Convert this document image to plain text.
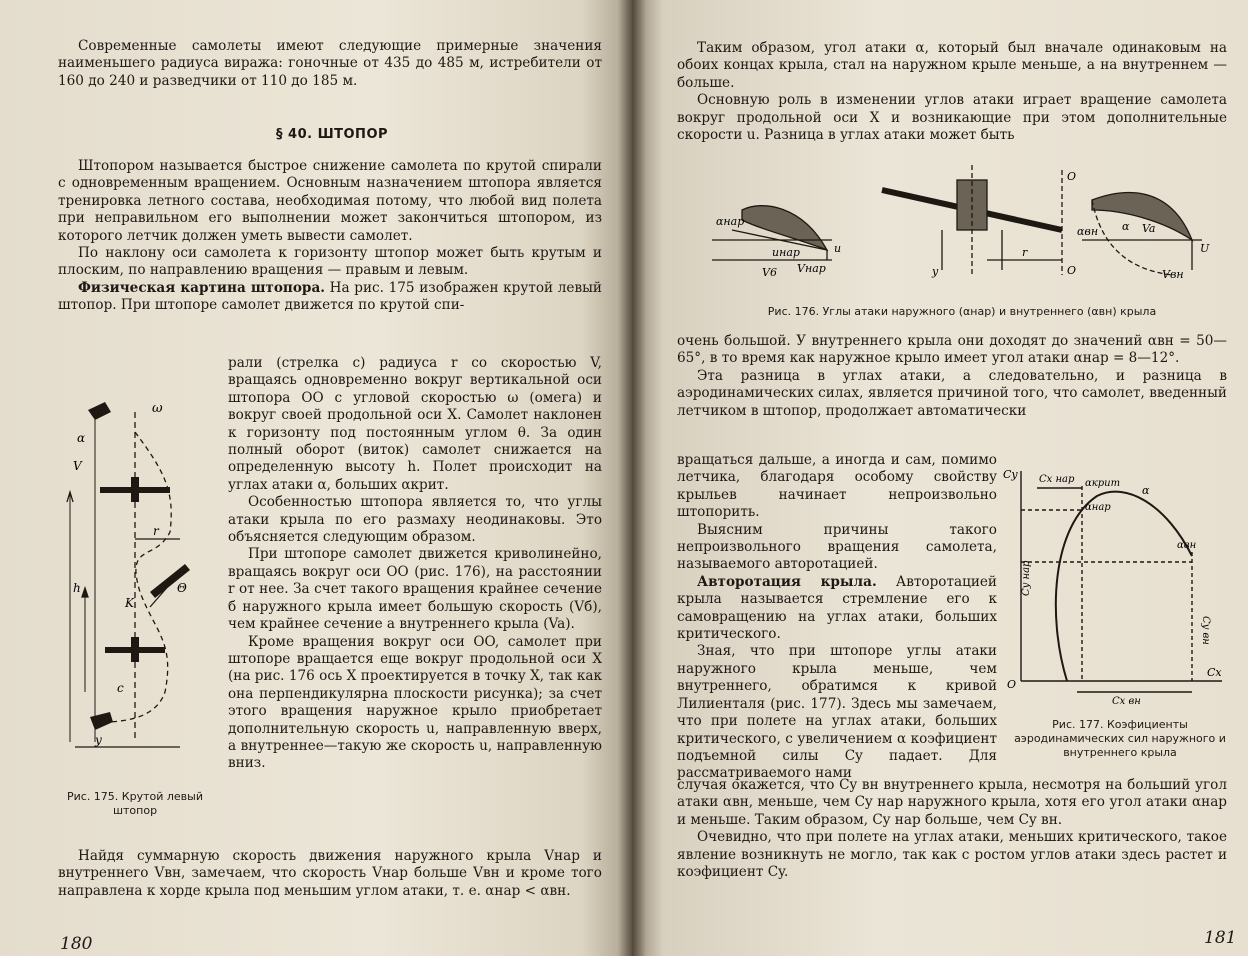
Современные самолеты имеют следующие примерные значения наименьшего радиуса виража: гоночные от 435 до 485 м, истребители от 160 до 240 и разведчики от 110 до 185 м.

§ 40. ШТОПОР

Штопором называется быстрое снижение самолета по крутой спирали с одновременным вращением. Основным назначением штопора является тренировка летного состава, необходимая потому, что любой вид полета при неправильном его выполнении может закончиться штопором, из которого летчик должен уметь вывести самолет.

По наклону оси самолета к горизонту штопор может быть крутым и плоским, по направлению вращения — правым и левым.

Физическая картина штопора. На рис. 175 изображен крутой левый штопор. При штопоре самолет движется по крутой спи-

рали (стрелка c) радиуса r со скоростью V, вращаясь одновременно вокруг вертикальной оси штопора OO с угловой скоростью ω (омега) и вокруг своей продольной оси X. Самолет наклонен к горизонту под постоянным углом θ. За один полный оборот (виток) самолет снижается на определенную высоту h. Полет происходит на углах атаки α, больших αкрит.

Особенностью штопора является то, что углы атаки крыла по его размаху неодинаковы. Это объясняется следующим образом.

При штопоре самолет движется криволинейно, вращаясь вокруг оси OO (рис. 176), на расстоянии r от нее. За счет такого вращения крайнее сечение б наружного крыла имеет большую скорость (Vб), чем крайнее сечение а внутреннего крыла (Va).

Кроме вращения вокруг оси OO, самолет при штопоре вращается еще вокруг продольной оси X (на рис. 176 ось X проектируется в точку X, так как она перпендикулярна плоскости рисунка); за счет этого вращения наружное крыло приобретает дополнительную скорость u, направленную вверх, а внутреннее—такую же скорость u, направленную вниз.

Найдя суммарную скорость движения наружного крыла Vнар и внутреннего Vвн, замечаем, что скорость Vнар больше Vвн и кроме того направлена к хорде крыла под меньшим углом атаки, т. е. αнар < αвн.

ω
α
V
r
Θ
K
h
c
y
Рис. 175. Крутой левый штопор
180

Таким образом, угол атаки α, который был вначале одинаковым на обоих концах крыла, стал на наружном крыле меньше, а на внутреннем — больше.

Основную роль в изменении углов атаки играет вращение самолета вокруг продольной оси X и возникающие при этом дополнительные скорости u. Разница в углах атаки может быть

αнар
uнар	u
V6 Vнар
O
y
r
O
αвн α Va
Vвн
U
Рис. 176. Углы атаки наружного (αнар) и внутреннего (αвн) крыла

очень большой. У внутреннего крыла они доходят до значений αвн = 50—65°, в то время как наружное крыло имеет угол атаки αнар = 8—12°.

Эта разница в углах атаки, а следовательно, и разница в аэродинамических силах, является причиной того, что самолет, введенный летчиком в штопор, продолжает автоматически

вращаться дальше, а иногда и сам, помимо летчика, благодаря особому свойству крыльев начинает непроизвольно штопорить.

Выясним причины такого непроизвольного вращения самолета, называемого авторотацией.

Авторотация крыла. Авторотацией крыла называется стремление его к самовращению на углах атаки, больших критического.

Зная, что при штопоре углы атаки наружного крыла меньше, чем внутреннего, обратимся к кривой Лилиенталя (рис. 177). Здесь мы замечаем, что при полете на углах атаки, больших критического, с увеличением α коэфициент подъемной силы Cy падает. Для рассматриваемого нами

Cy Cx нар αкрит
α
αнар
αвн
Cy нар
Cy вн
O
Cx вн
Cx
Рис. 177. Коэфициенты аэродинамических сил наружного и внутреннего крыла

случая окажется, что Cy вн внутреннего крыла, несмотря на больший угол атаки αвн, меньше, чем Cy нар наружного крыла, хотя его угол атаки αнар и меньше. Таким образом, Cy нар больше, чем Cy вн.

Очевидно, что при полете на углах атаки, меньших критического, такое явление возникнуть не могло, так как с ростом углов атаки здесь растет и коэфициент Cy.

181
